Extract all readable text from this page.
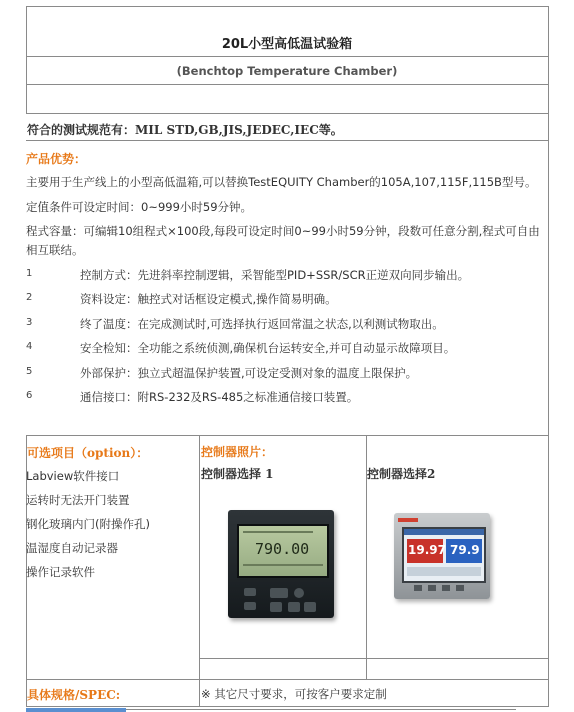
20L小型高低温试验箱
(Benchtop Temperature Chamber)
符合的测试规范有：MIL STD,GB,JIS,JEDEC,IEC等。
产品优势：
主要用于生产线上的小型高低温箱,可以替换TestEQUITY Chamber的105A,107,115F,115B型号。
定值条件可设定时间：0~999小时59分钟。
程式容量：可编辑10组程式×100段,每段可设定时间0~99小时59分钟，段数可任意分割,程式可自由
相互联结。
1	控制方式：先进斜率控制逻辑，采智能型PID+SSR/SCR正逆双向同步输出。
2	资料设定：触控式对话框设定模式,操作简易明确。
3	终了温度：在完成测试时,可选择执行返回常温之状态,以利测试物取出。
4	安全检知：全功能之系统侦测,确保机台运转安全,并可自动显示故障项目。
5	外部保护：独立式超温保护装置,可设定受测对象的温度上限保护。
6	通信接口：附RS-232及RS-485之标准通信接口装置。
可选项目（option）：
Labview软件接口
运转时无法开门装置
钢化玻璃内门(附操作孔)
温湿度自动记录器
操作记录软件
控制器照片：
控制器选择 1	控制器选择2
790.00	19.97 79.9
具体规格/SPEC:	※ 其它尺寸要求，可按客户要求定制
